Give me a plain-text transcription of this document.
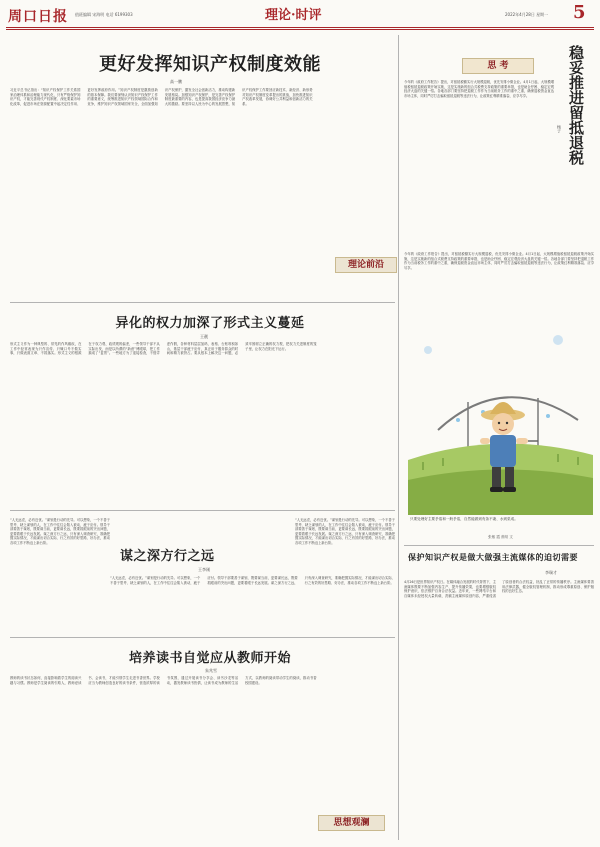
周口日报 值班编辑 宋海明 电话 6199303	理论·时评	2022年4月28日 星期一 5
更好发挥知识产权制度效能
高一鹏
习近平总书记指出：“知识产权保护工作关系国家治理体系和治理能力现代化，只有严格保护知识产权，才能完善现代产权制度、深化要素市场化改革，促进市场在资源配置中起决定性作用、更好发挥政府作用。”知识产权制度是激励创新的基本保障。我们要深刻认识知识产权保护工作的重要意义，统筹推进知识产权领域国际合作和竞争，维护知识产权领域国家安全，全面加强知识产权保护，激发全社会创新活力，推动构建新发展格局。加强知识产权保护，是完善产权保护制度最重要的内容，也是提高我国经济竞争力最大的激励。要坚持以人民为中心的发展思想，知识产权保护工作要回应新技术、新经济、新形势对知识产权制度变革提出的挑战，加快推进知识产权改革发展，协调好公共利益和创新活力的关系。
理论前沿
异化的权力加深了形式主义蔓延
王靓
形式主义作为一种典型的、常见的作风痼疾，在工作中经常表现为只作宣传、只喊口号不做实事，只做表面文章、不抓落实。形式主义的根源在于权力观、政绩观的偏差，一些领导干部不从实际出发，而是以所谓的“新意”博眼球，把工作搞成了“盆景”。一些地方为了迎接检查，不惜弄虚作假，各种材料层层加码，表格、台账堆积如山，基层干部疲于应付，真正用于服务群众的时间和精力被挤占。要从根本上解决这一问题，必须牢固树立正确的权力观，把权力关进制度的笼子里，让权力在阳光下运行。
谋之深方行之远
王李刚
“人无远虑，必有近忧。”谋划是行动的先导。可以想象，一个不善于思考、缺乏谋划的人，在工作中往往会陷入被动，疲于应付。领导干部要善于谋划，既要谋当前，更要谋长远，既要抓眼前的突出问题，更要着眼于长远发展。谋之深方行之远，只有深入调查研究，准确把握实际情况，才能谋出切合实际、行之有效的好思路、好办法，推动各项工作不断迈上新台阶。
“人无远虑，必有近忧。”谋划是行动的先导。可以想象，一个不善于思考、缺乏谋划的人，在工作中往往会陷入被动，疲于应付。领导干部要善于谋划，既要谋当前，更要谋长远，既要抓眼前的突出问题，更要着眼于长远发展。谋之深方行之远，只有深入调查研究，准确把握实际情况，才能谋出切合实际、行之有效的好思路、好办法，推动各项工作不断迈上新台阶。
“人无远虑，必有近忧。”谋划是行动的先导。可以想象，一个不善于思考、缺乏谋划的人，在工作中往往会陷入被动，疲于应付。领导干部要善于谋划，既要谋当前，更要谋长远，既要抓眼前的突出问题，更要着眼于长远发展。谋之深方行之远，只有深入调查研究，准确把握实际情况，才能谋出切合实际、行之有效的好思路、好办法，推动各项工作不断迈上新台阶。
培养读书自觉应从教师开始
朱兆雪
教师的读书状态如何，直接影响着学生的阅读兴趣与习惯。教师是学生阅读的引路人，教师爱读书、会读书，才能引领学生走进书香世界。学校应当为教师创造良好的读书条件，营造浓厚的读书氛围，通过开展读书分享会、读书沙龙等活动，激发教师读书热情，让读书成为教师的生活方式，以教师的阅读带动学生的阅读，推动书香校园建设。
思想观澜
思 考	稳妥推进留抵退税
杨子
今年的《政府工作报告》提出，对留抵税额实行大规模退税，优先安排小微企业。4月1日起，大规模增值税留抵退税政策开始实施，这是实施新的组合式税费支持政策的重要举措，也是助企纾困、稳定宏观经济大盘的关键一招。各地各部门要坚持把退税工作作为当前税务工作的重中之重，确保退税资金直达市场主体，同时严厉打击骗取留抵退税等违法行为，让政策红利精准落袋、应享尽享。
今年的《政府工作报告》提出，对留抵税额实行大规模退税，优先安排小微企业。4月1日起，大规模增值税留抵退税政策开始实施，这是实施新的组合式税费支持政策的重要举措，也是助企纾困、稳定宏观经济大盘的关键一招。各地各部门要坚持把退税工作作为当前税务工作的重中之重，确保退税资金直达市场主体，同时严厉打击骗取留抵退税等违法行为，让政策红利精准落袋、应享尽享。
只要处理好主要矛盾和一般矛盾，自然能做到有条不紊、水到渠成。
张敏 霞 鼎易 文
保护知识产权是做大做强主流媒体的迫切需要
李瑞才
4月26日是世界知识产权日。在媒体融合发展的时代背景下，主流媒体既要不断加强内容生产、提升传播效果，也要增强版权保护意识，依法维护自身合法权益。近年来，一些网络平台和自媒体未经授权大量转载、洗稿主流媒体原创内容，严重侵害了原创者的合法权益，扰乱了正常的传播秩序。主流媒体要善用法律武器，健全版权管理机制，推动形成尊重原创、保护版权的良好生态。
